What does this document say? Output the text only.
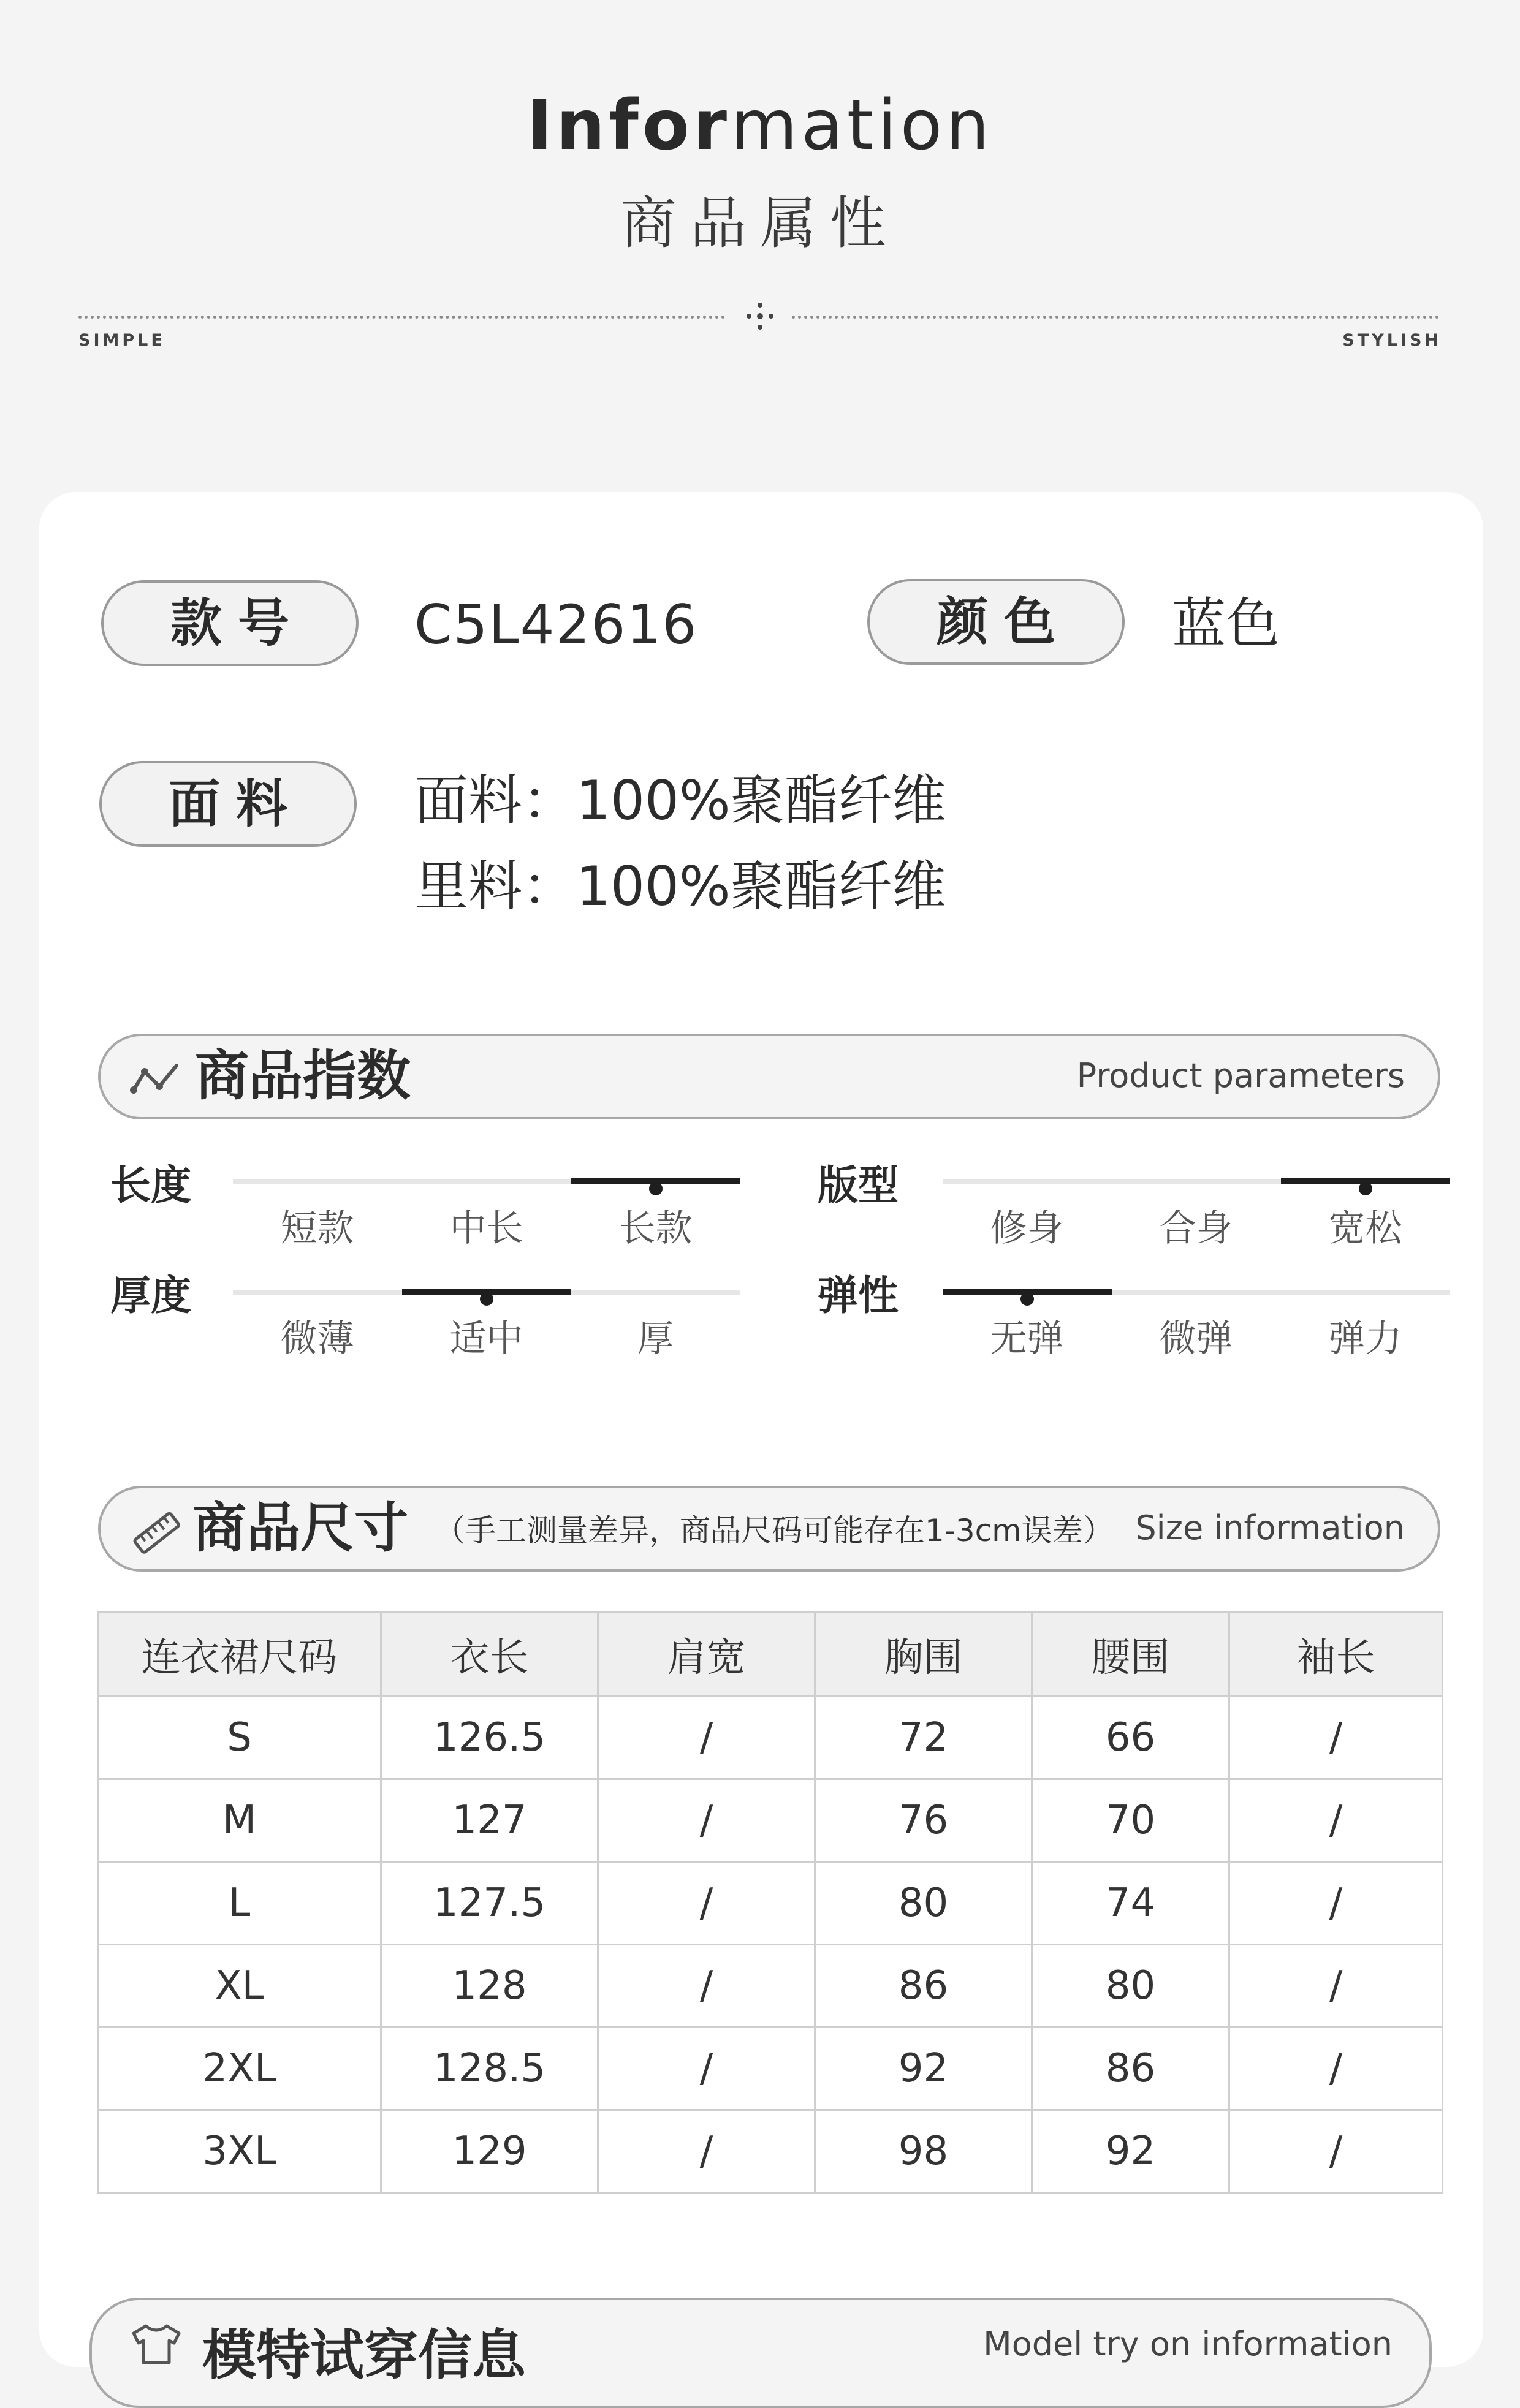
Information
商品属性
SIMPLE	STYLISH
款号	C5L42616	颜色	蓝色
面料	面料：100%聚酯纤维
里料：100%聚酯纤维
商品指数	Product parameters
长度
短款	中长	长款
版型
修身	合身	宽松
厚度
微薄	适中	厚
弹性
无弹	微弹	弹力
商品尺寸 （手工测量差异，商品尺码可能存在1-3cm误差） Size information
连衣裙尺码	衣长	肩宽	胸围	腰围	袖长
S	126.5	/	72	66	/
M	127	/	76	70	/
L	127.5	/	80	74	/
XL	128	/	86	80	/
2XL	128.5	/	92	86	/
3XL	129	/	98	92	/
模特试穿信息	Model try on information
